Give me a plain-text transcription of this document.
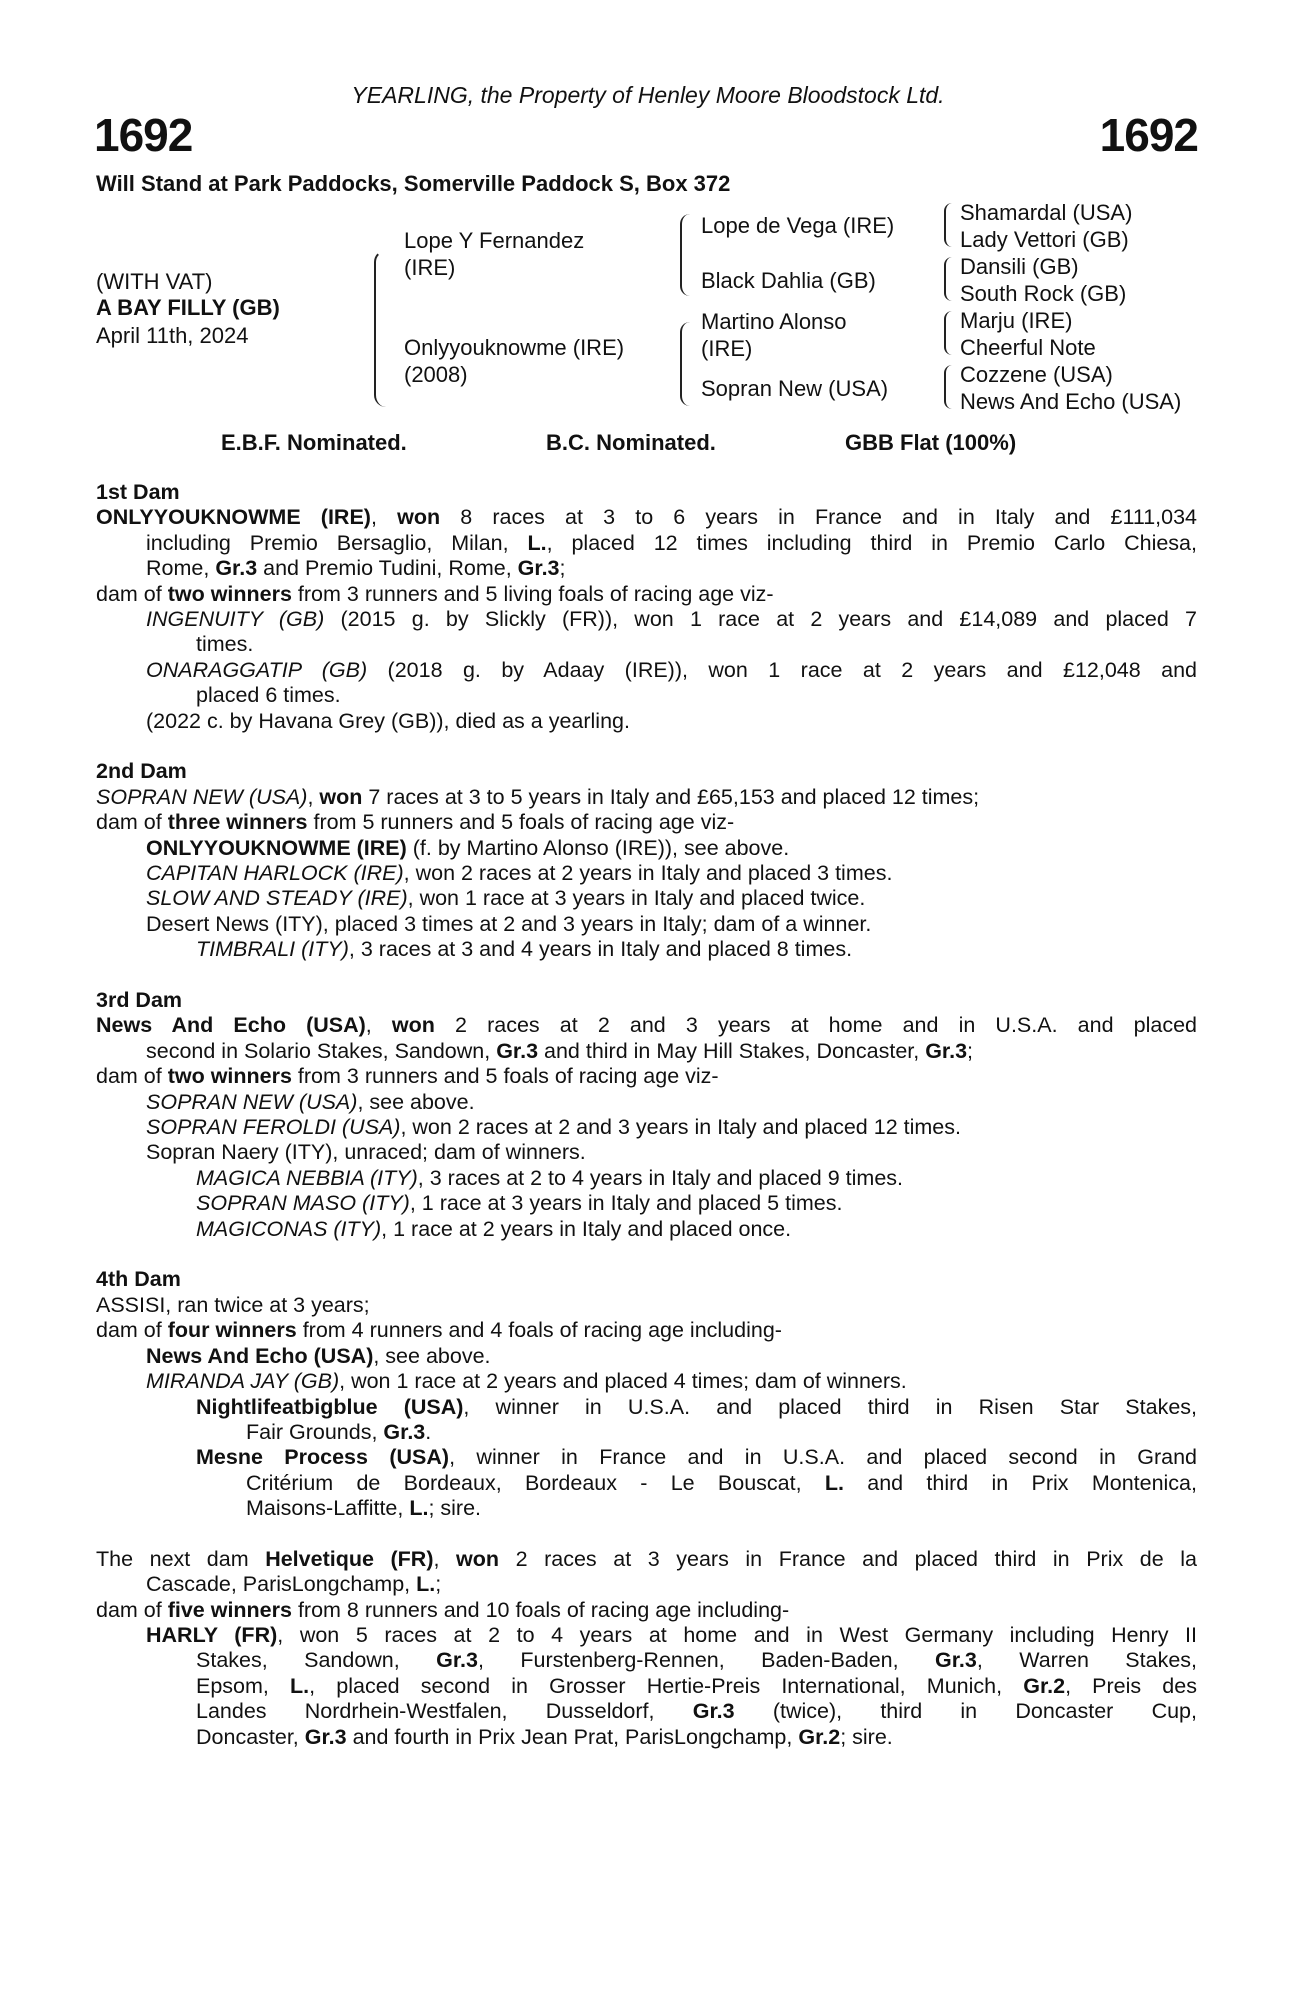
YEARLING, the Property of Henley Moore Bloodstock Ltd.
1692	1692
Will Stand at Park Paddocks, Somerville Paddock S, Box 372
(WITH VAT)
A BAY FILLY (GB)
April 11th, 2024
Lope Y Fernandez
(IRE)
Onlyyouknowme (IRE)
(2008)
Lope de Vega (IRE)
Black Dahlia (GB)
Martino Alonso
(IRE)
Sopran New (USA)
Shamardal (USA)
Lady Vettori (GB)
Dansili (GB)
South Rock (GB)
Marju (IRE)
Cheerful Note
Cozzene (USA)
News And Echo (USA)
E.B.F. Nominated.	B.C. Nominated.	GBB Flat (100%)
1st Dam
ONLYYOUKNOWME (IRE), won 8 races at 3 to 6 years in France and in Italy and £111,034
including Premio Bersaglio, Milan, L., placed 12 times including third in Premio Carlo Chiesa,
Rome, Gr.3 and Premio Tudini, Rome, Gr.3;
dam of two winners from 3 runners and 5 living foals of racing age viz-
INGENUITY (GB) (2015 g. by Slickly (FR)), won 1 race at 2 years and £14,089 and placed 7
times.
ONARAGGATIP (GB) (2018 g. by Adaay (IRE)), won 1 race at 2 years and £12,048 and
placed 6 times.
(2022 c. by Havana Grey (GB)), died as a yearling.
2nd Dam
SOPRAN NEW (USA), won 7 races at 3 to 5 years in Italy and £65,153 and placed 12 times;
dam of three winners from 5 runners and 5 foals of racing age viz-
ONLYYOUKNOWME (IRE) (f. by Martino Alonso (IRE)), see above.
CAPITAN HARLOCK (IRE), won 2 races at 2 years in Italy and placed 3 times.
SLOW AND STEADY (IRE), won 1 race at 3 years in Italy and placed twice.
Desert News (ITY), placed 3 times at 2 and 3 years in Italy; dam of a winner.
TIMBRALI (ITY), 3 races at 3 and 4 years in Italy and placed 8 times.
3rd Dam
News And Echo (USA), won 2 races at 2 and 3 years at home and in U.S.A. and placed
second in Solario Stakes, Sandown, Gr.3 and third in May Hill Stakes, Doncaster, Gr.3;
dam of two winners from 3 runners and 5 foals of racing age viz-
SOPRAN NEW (USA), see above.
SOPRAN FEROLDI (USA), won 2 races at 2 and 3 years in Italy and placed 12 times.
Sopran Naery (ITY), unraced; dam of winners.
MAGICA NEBBIA (ITY), 3 races at 2 to 4 years in Italy and placed 9 times.
SOPRAN MASO (ITY), 1 race at 3 years in Italy and placed 5 times.
MAGICONAS (ITY), 1 race at 2 years in Italy and placed once.
4th Dam
ASSISI, ran twice at 3 years;
dam of four winners from 4 runners and 4 foals of racing age including-
News And Echo (USA), see above.
MIRANDA JAY (GB), won 1 race at 2 years and placed 4 times; dam of winners.
Nightlifeatbigblue (USA), winner in U.S.A. and placed third in Risen Star Stakes,
Fair Grounds, Gr.3.
Mesne Process (USA), winner in France and in U.S.A. and placed second in Grand
Critérium de Bordeaux, Bordeaux - Le Bouscat, L. and third in Prix Montenica,
Maisons-Laffitte, L.; sire.
The next dam Helvetique (FR), won 2 races at 3 years in France and placed third in Prix de la
Cascade, ParisLongchamp, L.;
dam of five winners from 8 runners and 10 foals of racing age including-
HARLY (FR), won 5 races at 2 to 4 years at home and in West Germany including Henry II
Stakes, Sandown, Gr.3, Furstenberg-Rennen, Baden-Baden, Gr.3, Warren Stakes,
Epsom, L., placed second in Grosser Hertie-Preis International, Munich, Gr.2, Preis des
Landes Nordrhein-Westfalen, Dusseldorf, Gr.3 (twice), third in Doncaster Cup,
Doncaster, Gr.3 and fourth in Prix Jean Prat, ParisLongchamp, Gr.2; sire.
